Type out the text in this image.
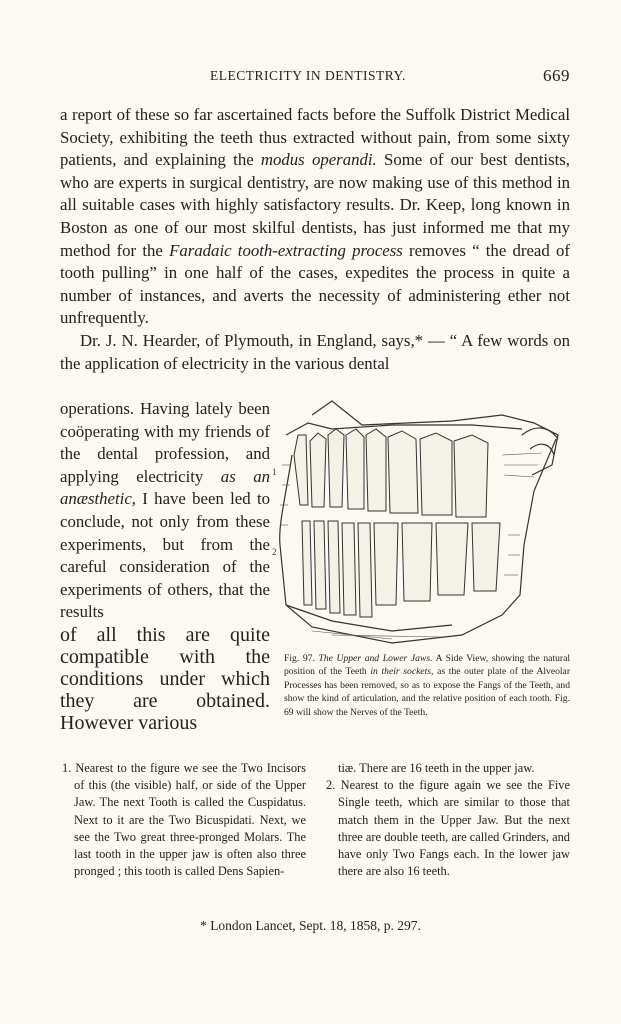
ELECTRICITY IN DENTISTRY.	669

a report of these so far ascertained facts before the Suffolk District Medical Society, exhibiting the teeth thus extracted without pain, from some sixty patients, and explaining the modus operandi. Some of our best dentists, who are experts in surgical dentistry, are now making use of this method in all suitable cases with highly satisfactory results. Dr. Keep, long known in Boston as one of our most skilful dentists, has just informed me that my method for the Faradaic tooth-extracting process removes “ the dread of tooth pulling” in one half of the cases, expedites the process in quite a number of instances, and averts the necessity of administering ether not unfrequently.

Dr. J. N. Hearder, of Plymouth, in England, says,* — “ A few words on the application of electricity in the various dental

operations. Having lately been coöperating with my friends of the dental profession, and applying electricity as an anæsthetic, I have been led to conclude, not only from these experiments, but from the careful consideration of the experiments of others, that the results
of all this are quite compatible with the conditions under which they are obtained. However various
1
2
Fig. 97. The Upper and Lower Jaws. A Side View, showing the natural position of the Teeth in their sockets, as the outer plate of the Alveolar Processes has been removed, so as to expose the Fangs of the Teeth, and show the kind of articulation, and the relative position of each tooth. Fig. 69 will show the Nerves of the Teeth.
1. Nearest to the figure we see the Two Incisors of this (the visible) half, or side of the Upper Jaw. The next Tooth is called the Cuspidatus. Next to it are the Two Bicuspidati. Next, we see the Two great three-pronged Molars. The last tooth in the upper jaw is often also three pronged ; this tooth is called Dens Sapien-
tiæ. There are 16 teeth in the upper jaw.
2. Nearest to the figure again we see the Five Single teeth, which are similar to those that match them in the Upper Jaw. But the next three are double teeth, are called Grinders, and have only Two Fangs each. In the lower jaw there are also 16 teeth.
* London Lancet, Sept. 18, 1858, p. 297.
